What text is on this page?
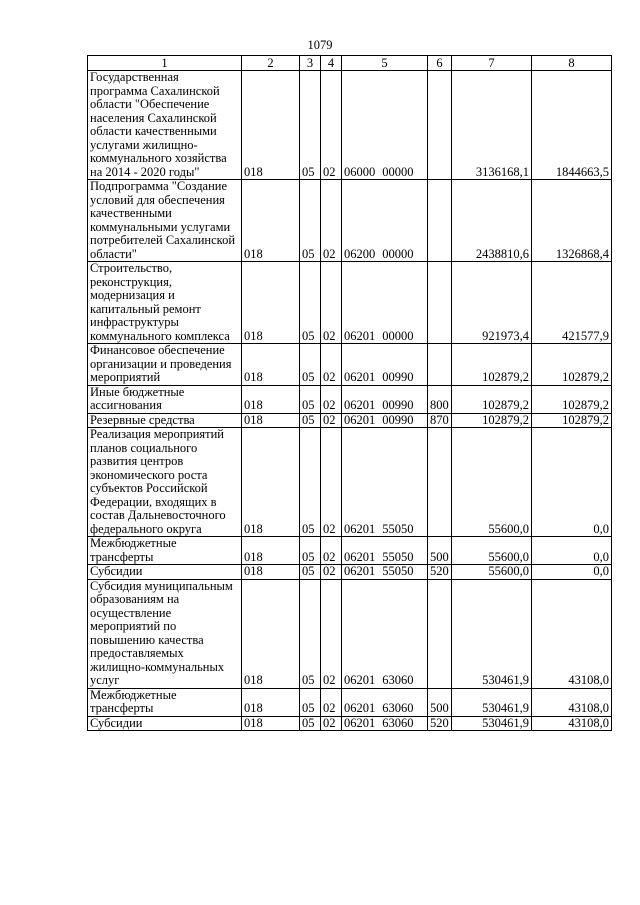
1079
1	2	3	4	5	6	7	8
Государственная программа Сахалинской области "Обеспечение населения Сахалинской области качественными услугами жилищно-коммунального хозяйства на 2014 - 2020 годы"	018	05	02	06000 00000		3136168,1	1844663,5
Подпрограмма "Создание условий для обеспечения качественными коммунальными услугами потребителей Сахалинской области"	018	05	02	06200 00000		2438810,6	1326868,4
Строительство, реконструкция, модернизация и капитальный ремонт инфраструктуры коммунального комплекса	018	05	02	06201 00000		921973,4	421577,9
Финансовое обеспечение организации и проведения мероприятий	018	05	02	06201 00990		102879,2	102879,2
Иные бюджетные ассигнования	018	05	02	06201 00990	800	102879,2	102879,2
Резервные средства	018	05	02	06201 00990	870	102879,2	102879,2
Реализация мероприятий планов социального развития центров экономического роста субъектов Российской Федерации, входящих в состав Дальневосточного федерального округа	018	05	02	06201 55050		55600,0	0,0
Межбюджетные трансферты	018	05	02	06201 55050	500	55600,0	0,0
Субсидии	018	05	02	06201 55050	520	55600,0	0,0
Субсидия муниципальным образованиям на осуществление мероприятий по повышению качества предоставляемых жилищно-коммунальных услуг	018	05	02	06201 63060		530461,9	43108,0
Межбюджетные трансферты	018	05	02	06201 63060	500	530461,9	43108,0
Субсидии	018	05	02	06201 63060	520	530461,9	43108,0
